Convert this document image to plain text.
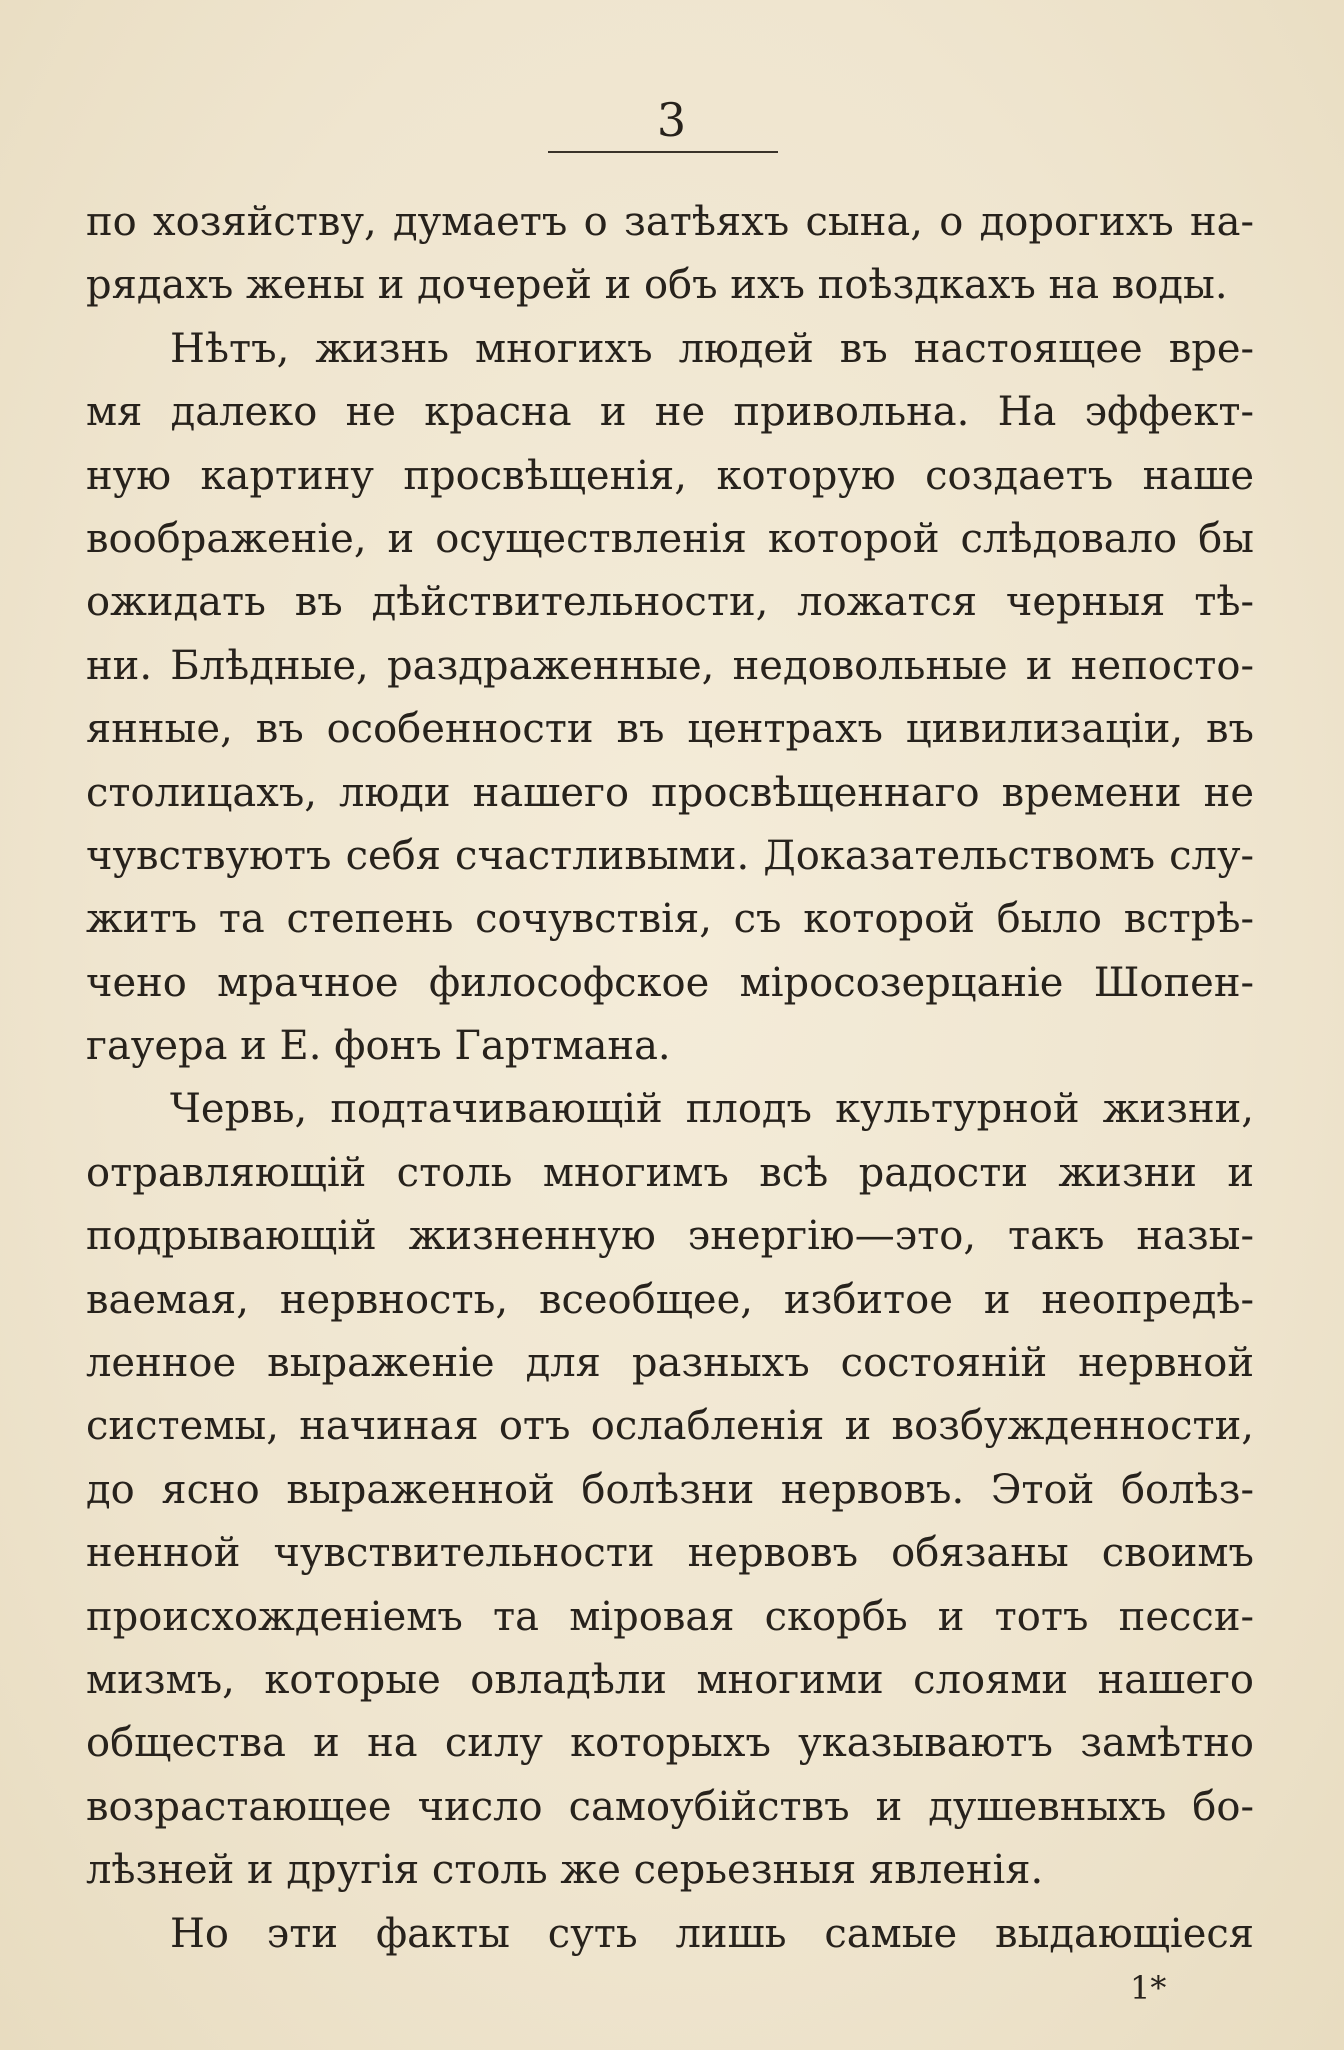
3

по хозяйству, думаетъ о затѣяхъ сына, о дорогихъ на-
рядахъ жены и дочерей и объ ихъ поѣздкахъ на воды.

Нѣтъ, жизнь многихъ людей въ настоящее вре-
мя далеко не красна и не привольна. На эффект-
ную картину просвѣщенія, которую создаетъ наше
воображеніе, и осуществленія которой слѣдовало бы
ожидать въ дѣйствительности, ложатся черныя тѣ-
ни. Блѣдные, раздраженные, недовольные и непосто-
янные, въ особенности въ центрахъ цивилизаціи, въ
столицахъ, люди нашего просвѣщеннаго времени не
чувствуютъ себя счастливыми. Доказательствомъ слу-
житъ та степень сочувствія, съ которой было встрѣ-
чено мрачное философское міросозерцаніе Шопен-
гауера и Е. фонъ Гартмана.

Червь, подтачивающій плодъ культурной жизни,
отравляющій столь многимъ всѣ радости жизни и
подрывающій жизненную энергію—это, такъ назы-
ваемая, нервность, всеобщее, избитое и неопредѣ-
ленное выраженіе для разныхъ состояній нервной
системы, начиная отъ ослабленія и возбужденности,
до ясно выраженной болѣзни нервовъ. Этой болѣз-
ненной чувствительности нервовъ обязаны своимъ
происхожденіемъ та міровая скорбь и тотъ песси-
мизмъ, которые овладѣли многими слоями нашего
общества и на силу которыхъ указываютъ замѣтно
возрастающее число самоубійствъ и душевныхъ бо-
лѣзней и другія столь же серьезныя явленія.

Но эти факты суть лишь самые выдающіеся

1*
